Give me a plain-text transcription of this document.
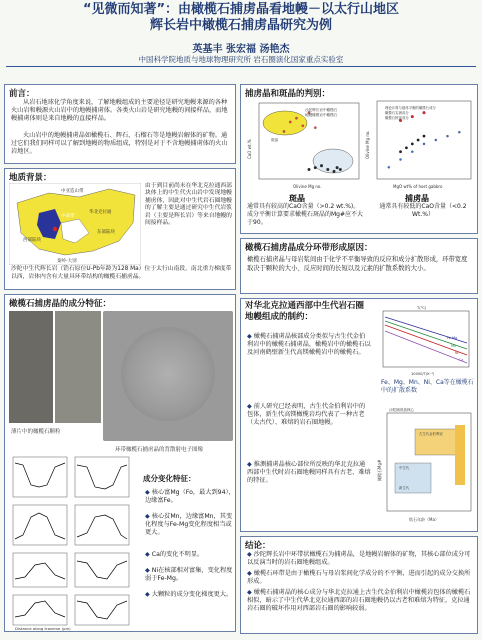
“见微而知著”：由橄榄石捕虏晶看地幔－以太行山地区
辉长岩中橄榄石捕虏晶研究为例
英基丰 张宏福 汤艳杰
中国科学院地质与地球物理研究所 岩石圈演化国家重点实验室
前言：
从岩石地球化学角度来说，了解地幔组成的主要途径是研究地幔来源的各种火山岩和幔源火山岩中的地幔捕虏体。各类火山岩是研究地幔的间接样品，而地幔捕虏体则是来自地幔的直接样品。
火山岩中的地幔捕虏晶如橄榄石、辉石、石榴石等是地幔岩解体的矿物。通过它们我们同样可以了解到地幔的物质组成，特别是对于不含地幔捕虏体的火山岩地区。
地质背景：
中亚造山带
西部陆块
华北克拉通
中部带
东部陆块
秦岭-大别
由于到目前尚未在华北克拉通西部块体上的中生代火山岩中发现地幔捕虏体，因此对中生代岩石圈地幔的了解主要是通过研究中生代岩浆岩（主要是辉长岩）等来自地幔的间接样品。
沙陀中生代辉长岩（锆石原位U-Pb年龄为128 Ma）位于太行山南段，南北重力梯度带以西，岩体内含有大量具环带结构的橄榄石捕虏晶。
橄榄石捕虏晶的成分特征：
薄片中的橄榄石颗粒
环带橄榄石捕虏晶的背散射电子图像
Distance along traverse (µm)
成分变化特征：
◆ 核心富Mg（Fo，最大到94），边缘富Fe。
◆ 核心贫Mn，边缘富Mn，其变化程度与Fe-Mg变化程度相当或更大。
◆ Ca的变化不明显。
◆ Ni在核部相对富集，变化程度弱于Fe-Mg。
◆ 大颗粒的成分变化梯度更大。
捕虏晶和斑晶的判别：
沙坨辉长岩中橄榄石
地幔橄榄岩中橄榄石
斑晶
Olivine Mg no.
CaO wt.%
理论计算与熔体平衡的橄榄石成分
橄榄石实测成分
橄榄石核部成分
MgO wt% of host gabbro
Olivine Mg no.
斑晶
通常具有较高的CaO含量（>0.2 wt.%)。成分平衡计算要求橄榄石斑晶的Mg#应不大于90。
捕虏晶
通常具有较低的CaO含量（<0.2 Wt.%）
橄榄石捕虏晶成分环带形成原因：
橄榄石捕虏晶与母岩浆间由于化学不平衡导致的反应和成分扩散形成，环带宽度取决于颗粒的大小、反应时间的长短以及元素的扩散系数的大小。
对华北克拉通西部中生代岩石圈地幔组成的制约：
T(°C)
Fe-Mg
Mn
Ni
Ca
10000/T(K⁻¹)
Fe、Mg、Mn、Ni、Ca等在橄榄石中的扩散系数
◆ 橄榄石捕虏晶核部成分类似与古生代金伯利岩中的橄榄石捕虏晶，橄榄岩中的橄榄石以及河南鹤壁新生代高镁橄榄岩中的橄榄石。
◆ 前人研究已经表明，古生代金伯利岩中的包体，新生代高镁橄榄岩均代表了一种古老（太古代）、难熔的岩石圈地幔。
◆ 推测捕虏晶核心部位所反映的华北克拉通西部中生代时岩石圈地幔同样具有古老、难熔的特征。
沙陀捕虏晶核心
古生代金伯利岩
中生代
新生代
锆石年龄（Ma）
橄榄石Mg#
结论：
◆ 沙陀辉长岩中环带状橄榄石为捕虏晶，是地幔岩解体的矿物，其核心部位成分可以反演当时的岩石圈地幔组成。
◆ 橄榄石环带是由于橄榄石与母岩浆间化学成分的不平衡，进而引起的成分交换所形成。
◆ 橄榄石捕虏晶的核心成分与华北克拉通上古生代金伯利岩中橄榄岩包体的橄榄石相似，暗示了中生代华北克拉通西部的岩石圈地幔仍以古老和难熔为特征，克拉通岩石圈的破坏作用对西部岩石圈的影响较弱。
